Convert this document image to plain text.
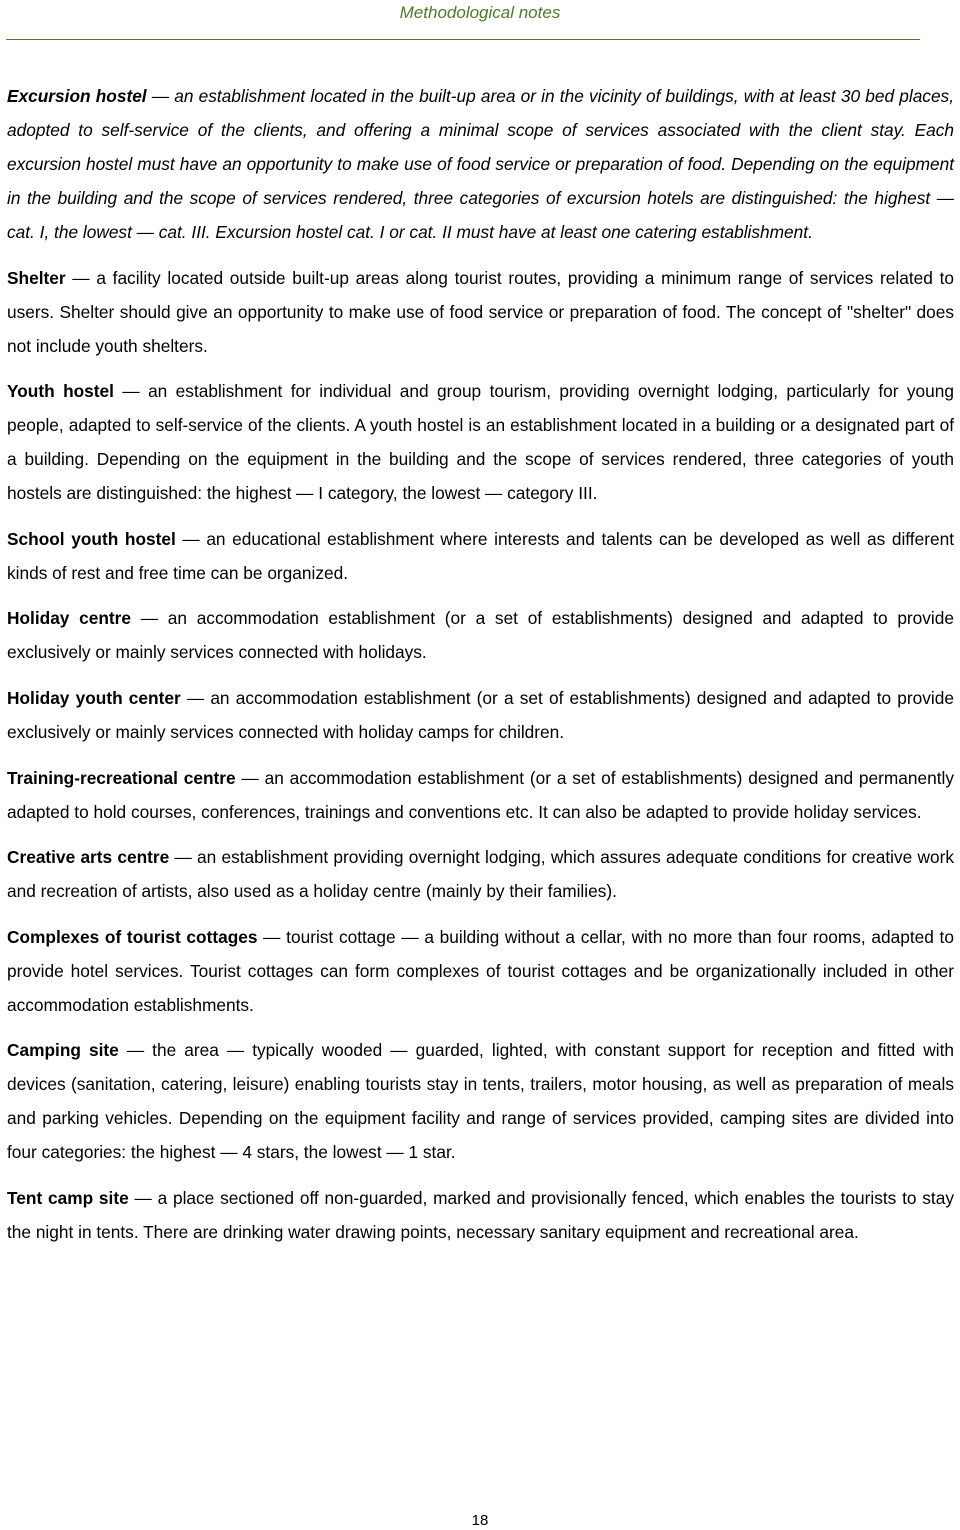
Methodological notes

Excursion hostel — an establishment located in the built-up area or in the vicinity of buildings, with at least 30 bed places, adopted to self-service of the clients, and offering a minimal scope of services associated with the client stay. Each excursion hostel must have an opportunity to make use of food service or preparation of food. Depending on the equipment in the building and the scope of services rendered, three categories of excursion hotels are distinguished: the highest — cat. I, the lowest — cat. III. Excursion hostel cat. I or cat. II must have at least one catering establishment.

Shelter — a facility located outside built-up areas along tourist routes, providing a minimum range of services related to users. Shelter should give an opportunity to make use of food service or preparation of food. The concept of "shelter" does not include youth shelters.

Youth hostel — an establishment for individual and group tourism, providing overnight lodging, particularly for young people, adapted to self-service of the clients. A youth hostel is an establishment located in a building or a designated part of a building. Depending on the equipment in the building and the scope of services rendered, three categories of youth hostels are distinguished: the highest — I category, the lowest — category III.

School youth hostel — an educational establishment where interests and talents can be developed as well as different kinds of rest and free time can be organized.

Holiday centre — an accommodation establishment (or a set of establishments) designed and adapted to provide exclusively or mainly services connected with holidays.

Holiday youth center — an accommodation establishment (or a set of establishments) designed and adapted to provide exclusively or mainly services connected with holiday camps for children.

Training-recreational centre — an accommodation establishment (or a set of establishments) designed and permanently adapted to hold courses, conferences, trainings and conventions etc. It can also be adapted to provide holiday services.

Creative arts centre — an establishment providing overnight lodging, which assures adequate conditions for creative work and recreation of artists, also used as a holiday centre (mainly by their families).

Complexes of tourist cottages — tourist cottage — a building without a cellar, with no more than four rooms, adapted to provide hotel services. Tourist cottages can form complexes of tourist cottages and be organizationally included in other accommodation establishments.

Camping site — the area — typically wooded — guarded, lighted, with constant support for reception and fitted with devices (sanitation, catering, leisure) enabling tourists stay in tents, trailers, motor housing, as well as preparation of meals and parking vehicles. Depending on the equipment facility and range of services provided, camping sites are divided into four categories: the highest — 4 stars, the lowest — 1 star.

Tent camp site — a place sectioned off non-guarded, marked and provisionally fenced, which enables the tourists to stay the night in tents. There are drinking water drawing points, necessary sanitary equipment and recreational area.

18
